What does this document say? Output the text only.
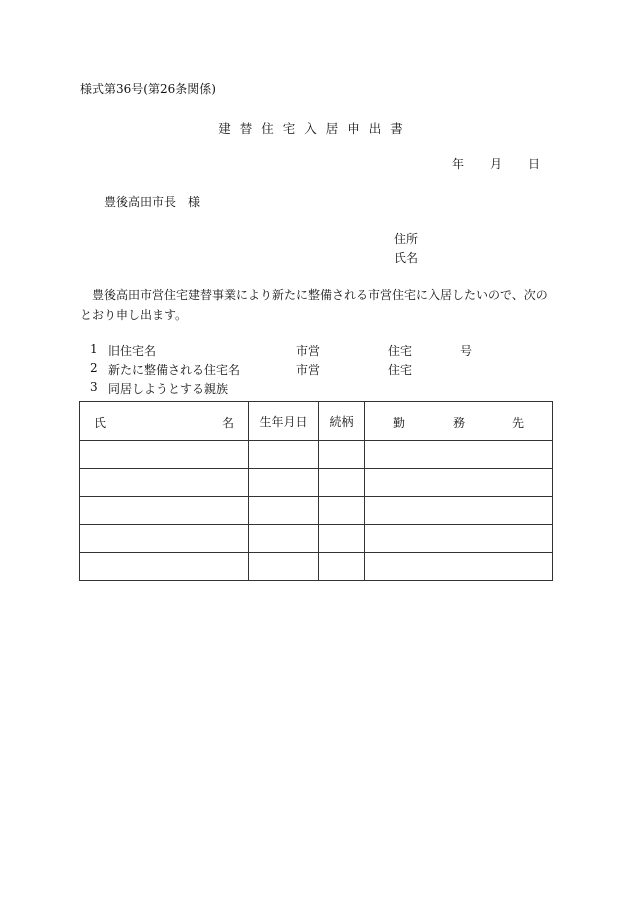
様式第36号(第26条関係)
建替住宅入居申出書
年 月 日
豊後高田市長　様
住所
氏名
豊後高田市営住宅建替事業により新たに整備される市営住宅に入居したいので、次のとおり申し出ます。
1 旧住宅名	市営	住宅	号
2 新たに整備される住宅名	市営	住宅
3 同居しようとする親族
氏 名	生年月日	続柄	勤 務 先
